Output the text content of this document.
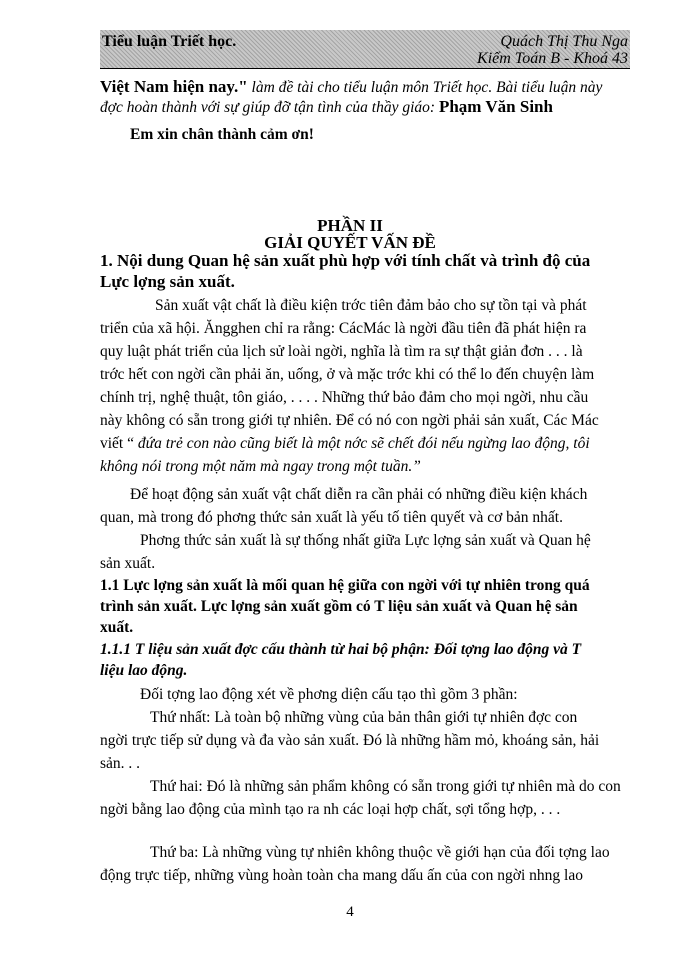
Tiểu luận Triết học.	Quách Thị Thu Nga
Kiểm Toán B - Khoá 43
Việt Nam hiện nay." làm đề tài cho tiểu luận môn Triết học. Bài tiểu luận này
đợc hoàn thành với sự giúp đỡ tận tình của thầy giáo: Phạm Văn Sinh
Em xin chân thành cảm ơn!
PHẦN II
GIẢI QUYẾT VẤN ĐỀ
1. Nội dung Quan hệ sản xuất phù hợp với tính chất và trình độ của
Lực lợng sản xuất.
Sản xuất vật chất là điều kiện trớc tiên đảm bảo cho sự tồn tại và phát
triển của xã hội. Ăngghen chỉ ra rằng: CácMác là ngời đầu tiên đã phát hiện ra
quy luật phát triển của lịch sử loài ngời, nghĩa là tìm ra sự thật giản đơn . . . là
trớc hết con ngời cần phải ăn, uống, ở và mặc trớc khi có thể lo đến chuyện làm
chính trị, nghệ thuật, tôn giáo, . . . . Những thứ bảo đảm cho mọi ngời, nhu cầu
này không có sẵn trong giới tự nhiên. Để có nó con ngời phải sản xuất, Các Mác
viết “ đứa trẻ con nào cũng biết là một nớc sẽ chết đói nếu ngừng lao động, tôi
không nói trong một năm mà ngay trong một tuần.”
Để hoạt động sản xuất vật chất diễn ra cần phải có những điều kiện khách
quan, mà trong đó phơng thức sản xuất là yếu tố tiên quyết và cơ bản nhất.
Phơng thức sản xuất là sự thống nhất giữa Lực lợng sản xuất và Quan hệ
sản xuất.
1.1 Lực lợng sản xuất là mối quan hệ giữa con ngời với tự nhiên trong quá
trình sản xuất. Lực lợng sản xuất gồm có T liệu sản xuất và Quan hệ sản
xuất.
1.1.1 T liệu sản xuất đợc cấu thành từ hai bộ phận: Đối tợng lao động và T
liệu lao động.
Đối tợng lao động xét về phơng diện cấu tạo thì gồm 3 phần:
Thứ nhất: Là toàn bộ những vùng của bản thân giới tự nhiên đợc con
ngời trực tiếp sử dụng và đa vào sản xuất. Đó là những hầm mỏ, khoáng sản, hải
sản. . .
Thứ hai: Đó là những sản phẩm không có sẵn trong giới tự nhiên mà do con
ngời bằng lao động của mình tạo ra nh các loại hợp chất, sợi tổng hợp, . . .
Thứ ba: Là những vùng tự nhiên không thuộc về giới hạn của đối tợng lao
động trực tiếp, những vùng hoàn toàn cha mang dấu ấn của con ngời nhng lao
4
